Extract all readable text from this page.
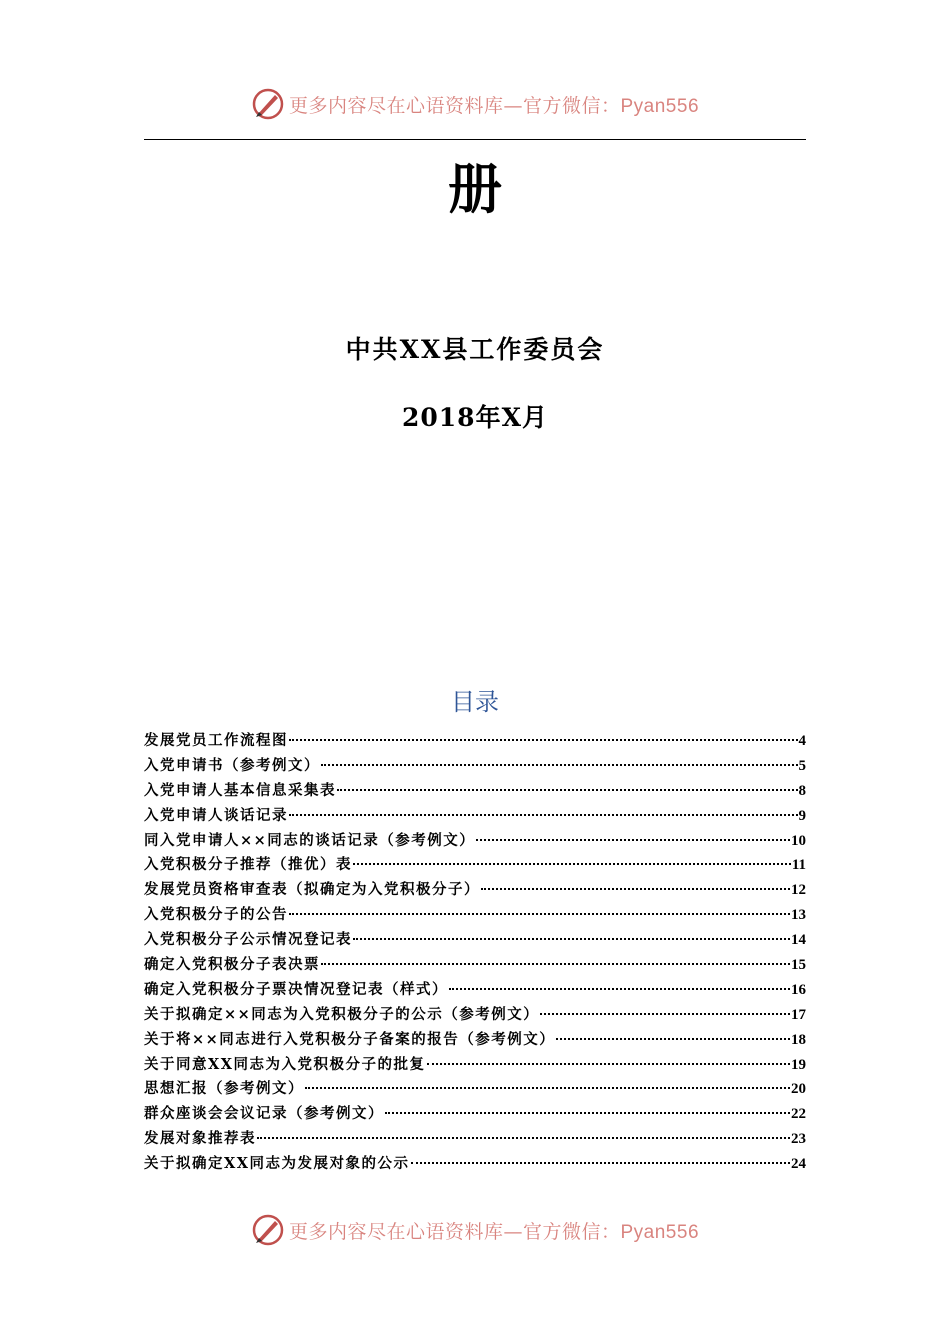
更多内容尽在心语资料库—官方微信：Pyan556
册
中共XX县工作委员会
2018年X月
目录
发展党员工作流程图	4
入党申请书（参考例文）	5
入党申请人基本信息采集表	8
入党申请人谈话记录	9
同入党申请人××同志的谈话记录（参考例文）	10
入党积极分子推荐（推优）表	11
发展党员资格审查表（拟确定为入党积极分子）	12
入党积极分子的公告	13
入党积极分子公示情况登记表	14
确定入党积极分子表决票	15
确定入党积极分子票决情况登记表（样式）	16
关于拟确定××同志为入党积极分子的公示（参考例文）	17
关于将××同志进行入党积极分子备案的报告（参考例文）	18
关于同意XX同志为入党积极分子的批复	19
思想汇报（参考例文）	20
群众座谈会会议记录（参考例文）	22
发展对象推荐表	23
关于拟确定XX同志为发展对象的公示	24
更多内容尽在心语资料库—官方微信：Pyan556
